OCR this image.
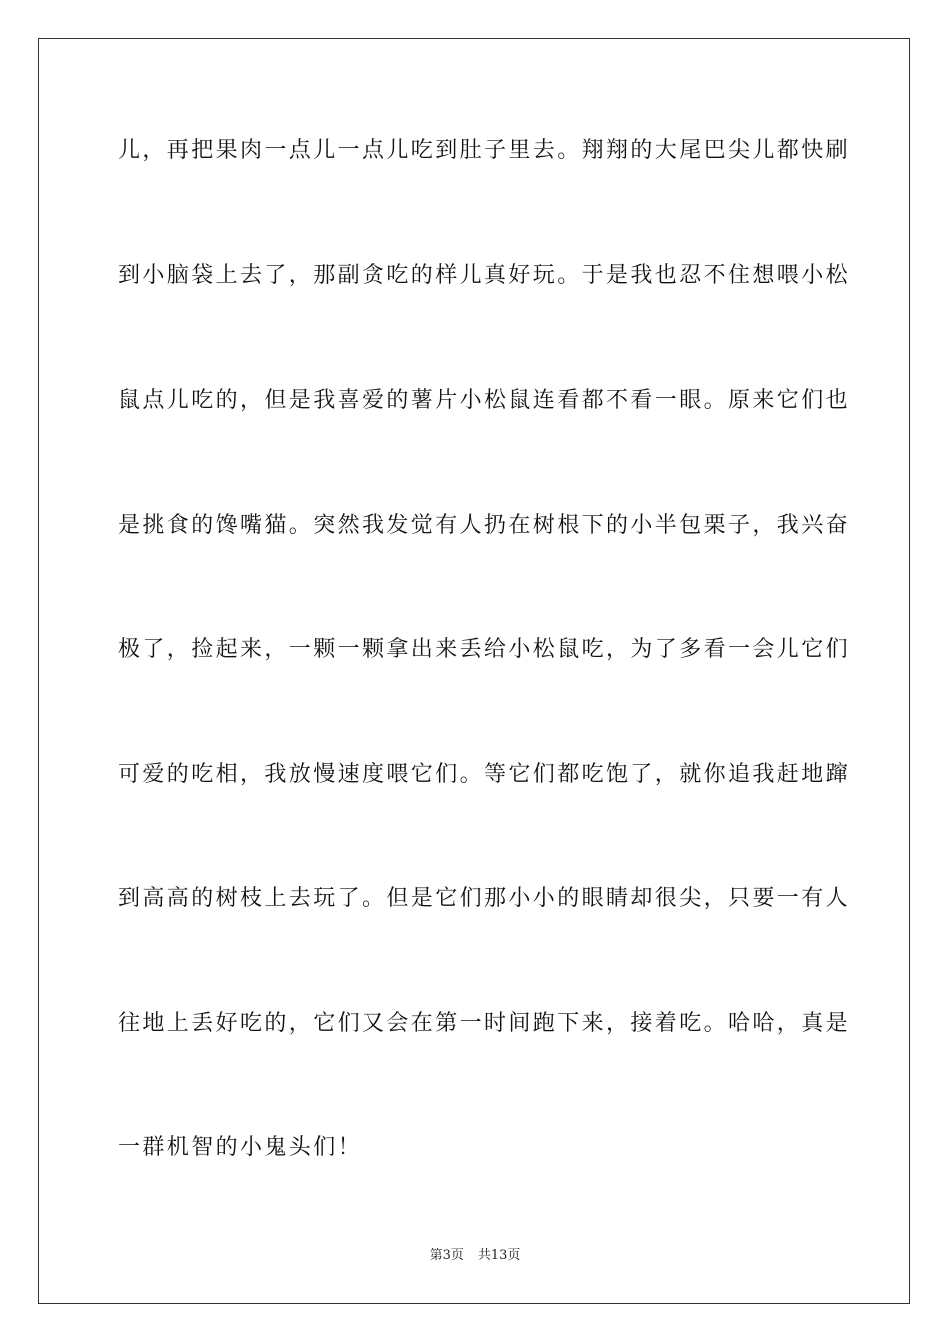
儿，再把果肉一点儿一点儿吃到肚子里去。翔翔的大尾巴尖儿都快刷
到小脑袋上去了，那副贪吃的样儿真好玩。于是我也忍不住想喂小松
鼠点儿吃的，但是我喜爱的薯片小松鼠连看都不看一眼。原来它们也
是挑食的馋嘴猫。突然我发觉有人扔在树根下的小半包栗子，我兴奋
极了，捡起来，一颗一颗拿出来丢给小松鼠吃，为了多看一会儿它们
可爱的吃相，我放慢速度喂它们。等它们都吃饱了，就你追我赶地蹿
到高高的树枝上去玩了。但是它们那小小的眼睛却很尖，只要一有人
往地上丢好吃的，它们又会在第一时间跑下来，接着吃。哈哈，真是
一群机智的小鬼头们！
第3页 共13页
